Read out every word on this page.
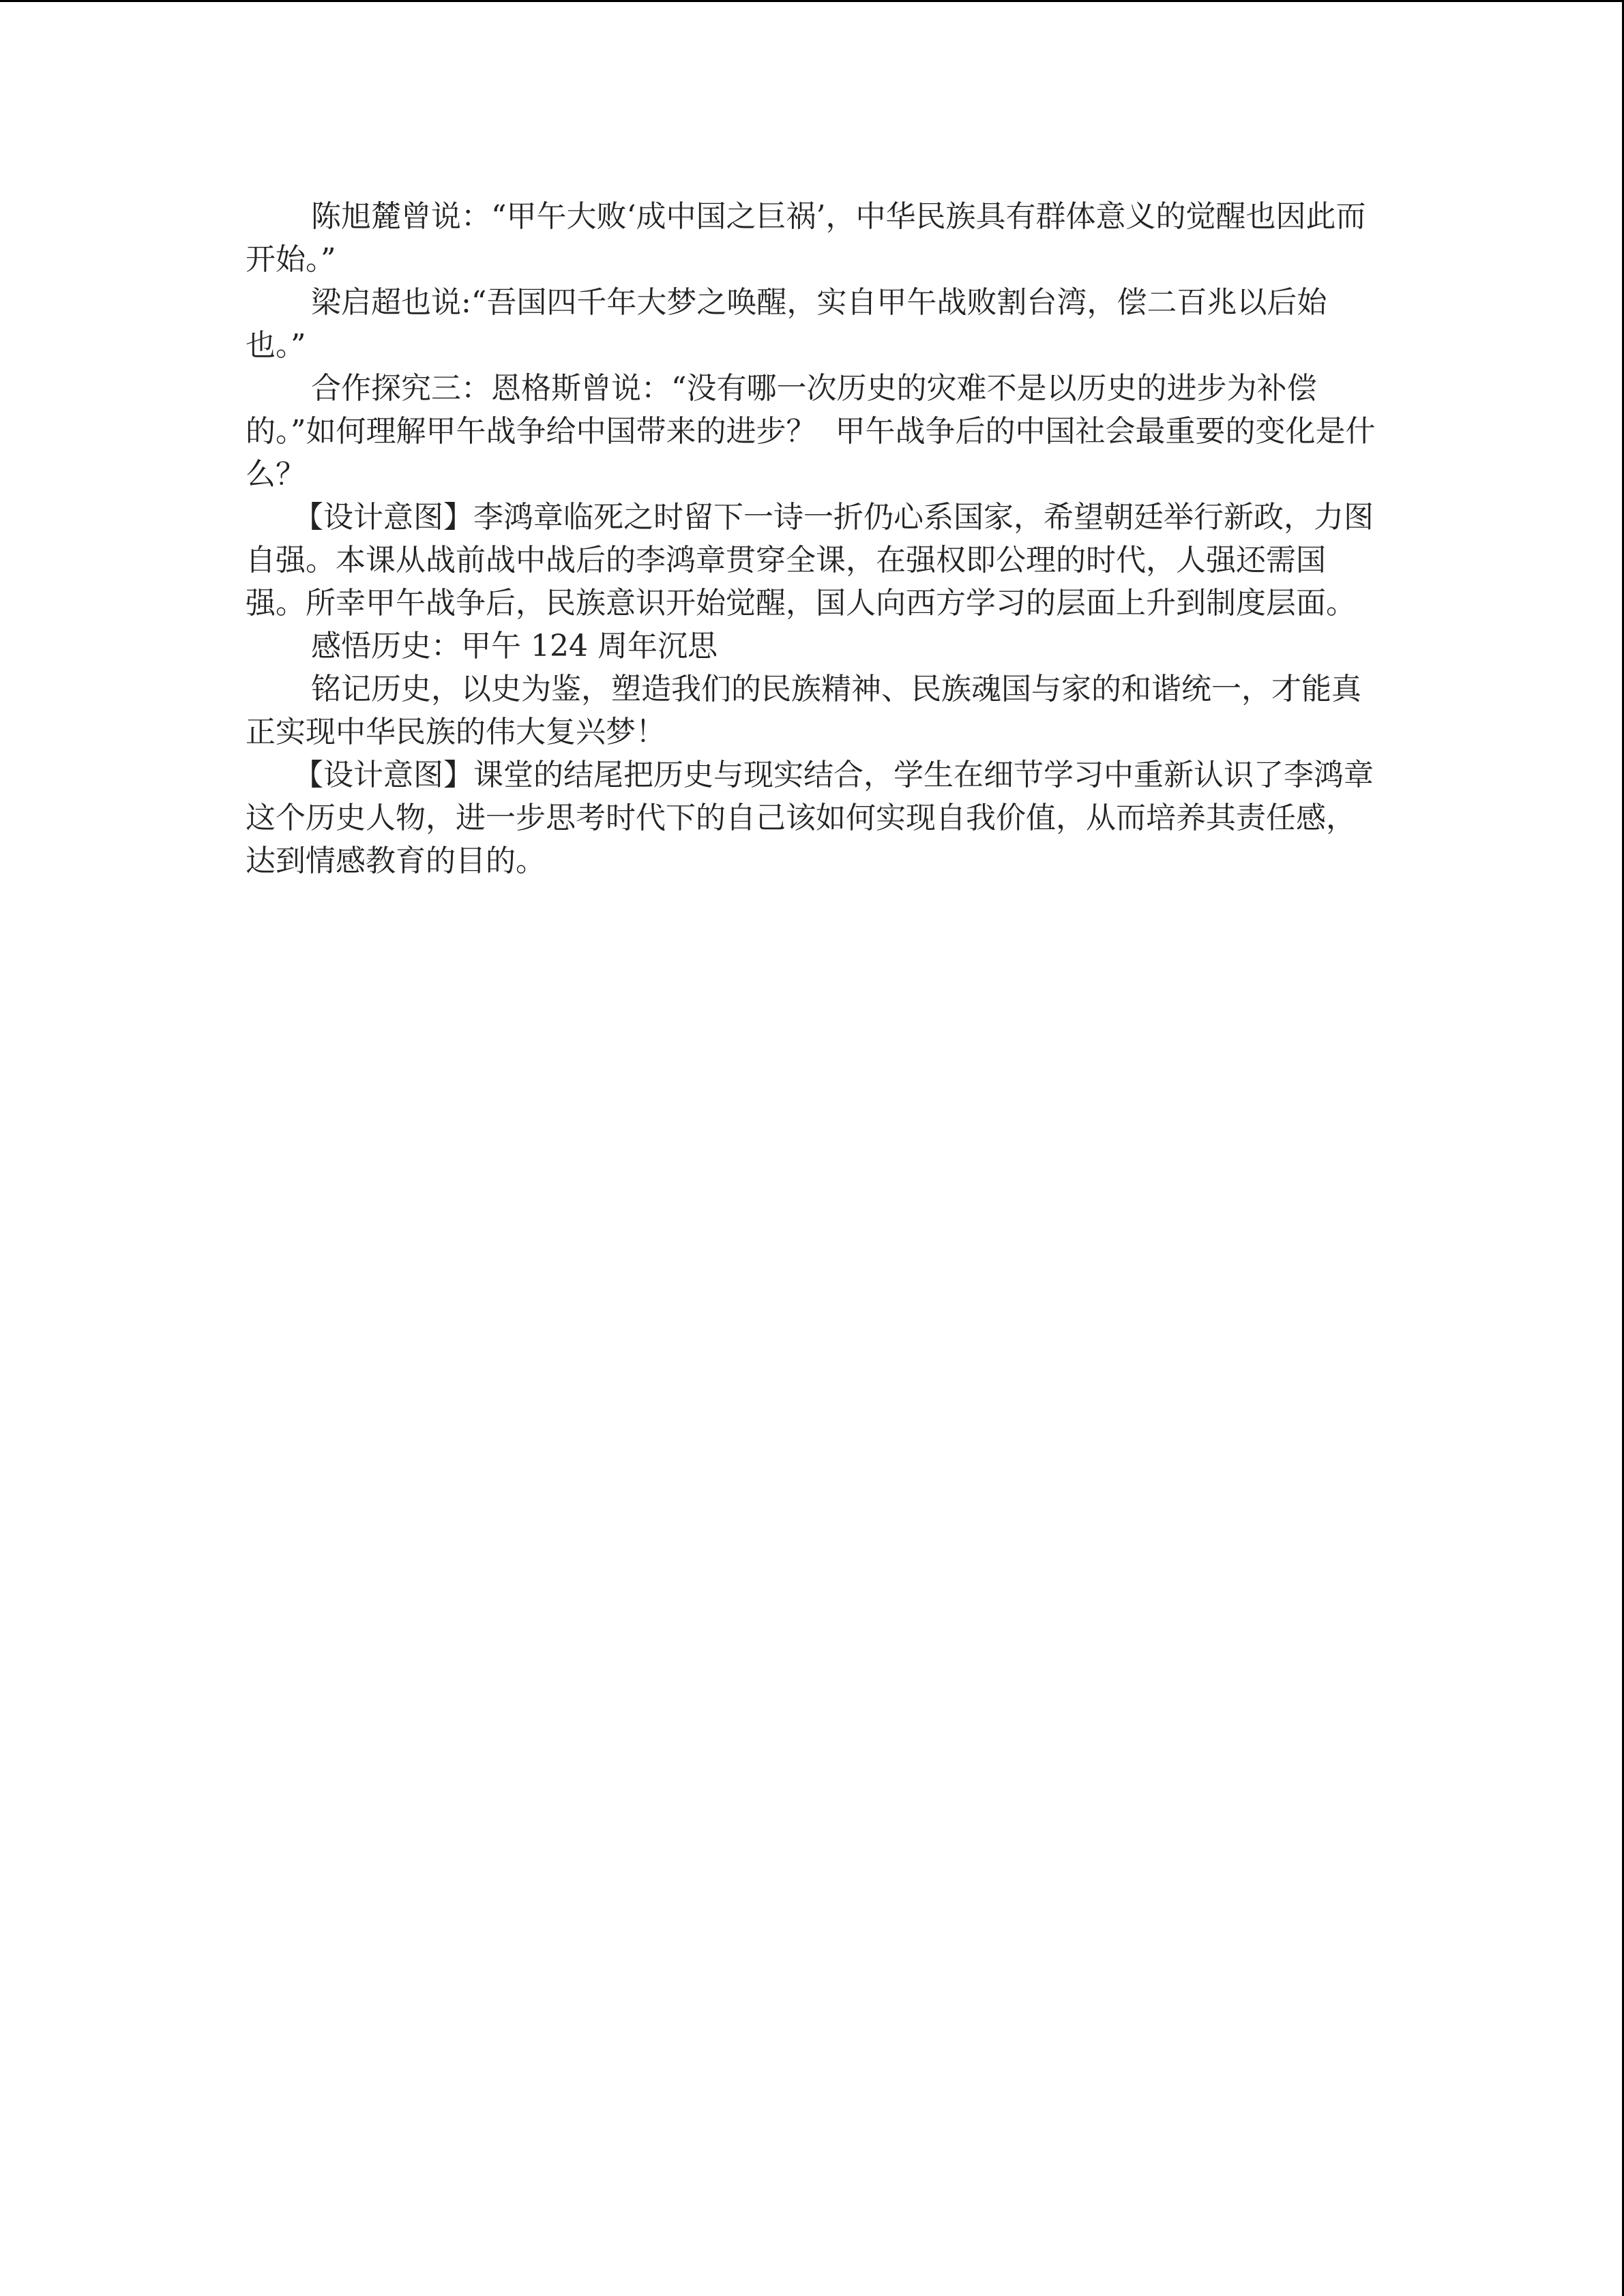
陈旭麓曾说：“甲午大败‘成中国之巨祸’，中华民族具有群体意义的觉醒也因此而开始。”

梁启超也说:“吾国四千年大梦之唤醒，实自甲午战败割台湾，偿二百兆以后始也。”

合作探究三：恩格斯曾说：“没有哪一次历史的灾难不是以历史的进步为补偿的。”如何理解甲午战争给中国带来的进步？  甲午战争后的中国社会最重要的变化是什么？

【设计意图】李鸿章临死之时留下一诗一折仍心系国家，希望朝廷举行新政，力图自强。本课从战前战中战后的李鸿章贯穿全课，在强权即公理的时代，人强还需国强。所幸甲午战争后，民族意识开始觉醒，国人向西方学习的层面上升到制度层面。

感悟历史：甲午 124 周年沉思

铭记历史，以史为鉴，塑造我们的民族精神、民族魂国与家的和谐统一，才能真正实现中华民族的伟大复兴梦！

【设计意图】课堂的结尾把历史与现实结合，学生在细节学习中重新认识了李鸿章这个历史人物，进一步思考时代下的自己该如何实现自我价值，从而培养其责任感，达到情感教育的目的。
